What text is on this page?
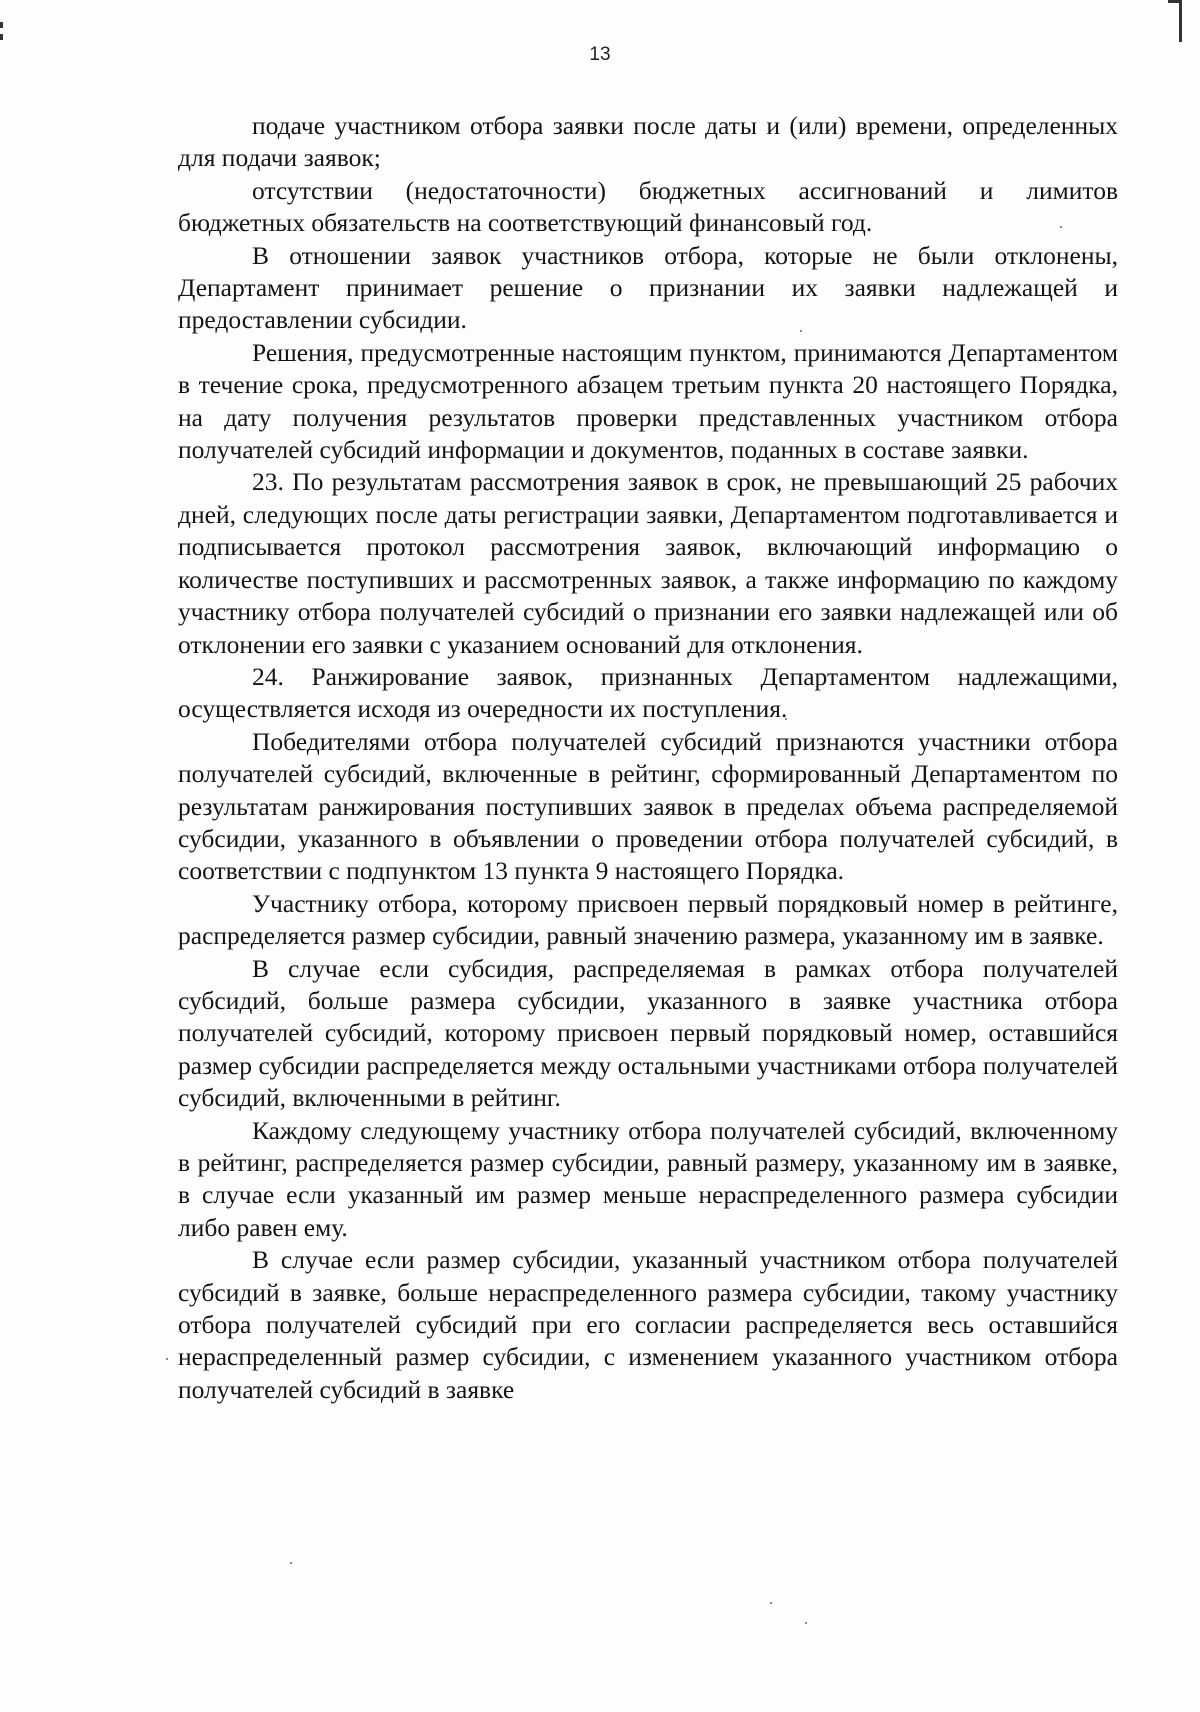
13

подаче участником отбора заявки после даты и (или) времени, определенных для подачи заявок;

отсутствии (недостаточности) бюджетных ассигнований и лимитов бюджетных обязательств на соответствующий финансовый год.

В отношении заявок участников отбора, которые не были отклонены, Департамент принимает решение о признании их заявки надлежащей и предоставлении субсидии.

Решения, предусмотренные настоящим пунктом, принимаются Департаментом в течение срока, предусмотренного абзацем третьим пункта 20 настоящего Порядка, на дату получения результатов проверки представленных участником отбора получателей субсидий информации и документов, поданных в составе заявки.

23. По результатам рассмотрения заявок в срок, не превышающий 25 рабочих дней, следующих после даты регистрации заявки, Департаментом подготавливается и подписывается протокол рассмотрения заявок, включающий информацию о количестве поступивших и рассмотренных заявок, а также информацию по каждому участнику отбора получателей субсидий о признании его заявки надлежащей или об отклонении его заявки с указанием оснований для отклонения.

24. Ранжирование заявок, признанных Департаментом надлежащими, осуществляется исходя из очередности их поступления.

Победителями отбора получателей субсидий признаются участники отбора получателей субсидий, включенные в рейтинг, сформированный Департаментом по результатам ранжирования поступивших заявок в пределах объема распределяемой субсидии, указанного в объявлении о проведении отбора получателей субсидий, в соответствии с подпунктом 13 пункта 9 настоящего Порядка.

Участнику отбора, которому присвоен первый порядковый номер в рейтинге, распределяется размер субсидии, равный значению размера, указанному им в заявке.

В случае если субсидия, распределяемая в рамках отбора получателей субсидий, больше размера субсидии, указанного в заявке участника отбора получателей субсидий, которому присвоен первый порядковый номер, оставшийся размер субсидии распределяется между остальными участниками отбора получателей субсидий, включенными в рейтинг.

Каждому следующему участнику отбора получателей субсидий, включенному в рейтинг, распределяется размер субсидии, равный размеру, указанному им в заявке, в случае если указанный им размер меньше нераспределенного размера субсидии либо равен ему.

В случае если размер субсидии, указанный участником отбора получателей субсидий в заявке, больше нераспределенного размера субсидии, такому участнику отбора получателей субсидий при его согласии распределяется весь оставшийся нераспределенный размер субсидии, с изменением указанного участником отбора получателей субсидий в заявке
